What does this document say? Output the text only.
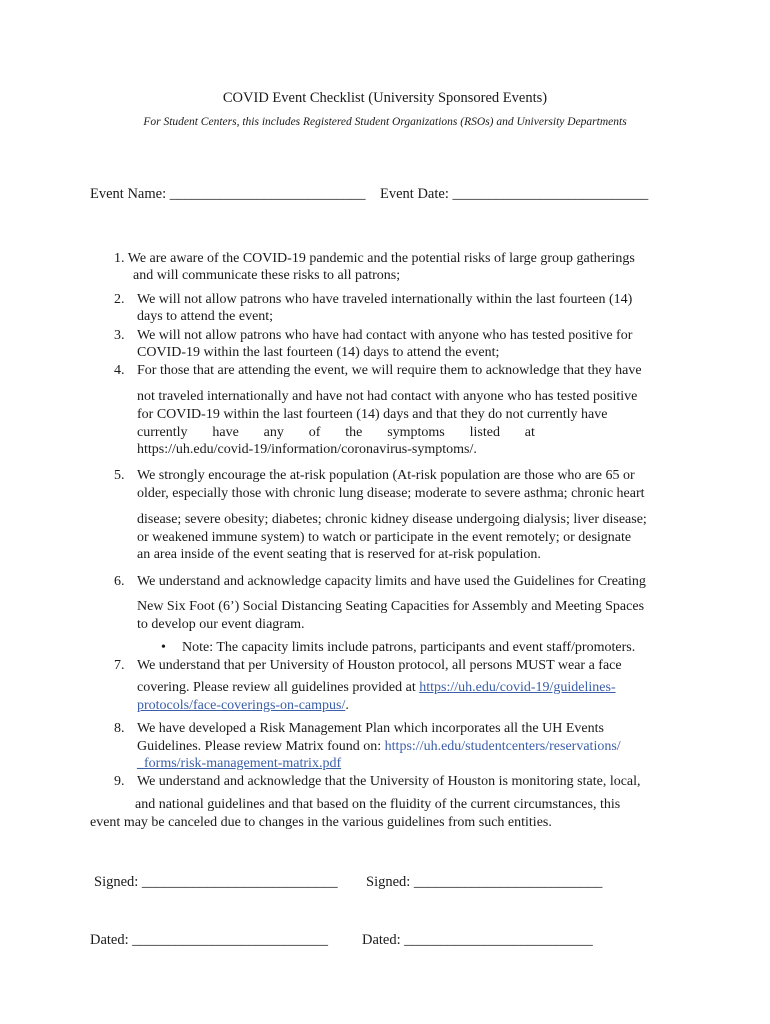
COVID Event Checklist (University Sponsored Events)
For Student Centers, this includes Registered Student Organizations (RSOs) and University Departments
Event Name: ___________________________ Event Date: ___________________________
1. We are aware of the COVID-19 pandemic and the potential risks of large group gatherings
and will communicate these risks to all patrons;
2. We will not allow patrons who have traveled internationally within the last fourteen (14)
days to attend the event;
3. We will not allow patrons who have had contact with anyone who has tested positive for
COVID-19 within the last fourteen (14) days to attend the event;
4. For those that are attending the event, we will require them to acknowledge that they have
not traveled internationally and have not had contact with anyone who has tested positive
for COVID-19 within the last fourteen (14) days and that they do not currently have
currently have any of the symptoms listed at
https://uh.edu/covid-19/information/coronavirus-symptoms/.
5. We strongly encourage the at-risk population (At-risk population are those who are 65 or
older, especially those with chronic lung disease; moderate to severe asthma; chronic heart
disease; severe obesity; diabetes; chronic kidney disease undergoing dialysis; liver disease;
or weakened immune system) to watch or participate in the event remotely; or designate
an area inside of the event seating that is reserved for at-risk population.
6. We understand and acknowledge capacity limits and have used the Guidelines for Creating
New Six Foot (6’) Social Distancing Seating Capacities for Assembly and Meeting Spaces
to develop our event diagram.
• Note: The capacity limits include patrons, participants and event staff/promoters.
7. We understand that per University of Houston protocol, all persons MUST wear a face
covering. Please review all guidelines provided at https://uh.edu/covid-19/guidelines-
protocols/face-coverings-on-campus/.
8. We have developed a Risk Management Plan which incorporates all the UH Events
Guidelines. Please review Matrix found on: https://uh.edu/studentcenters/reservations/
_forms/risk-management-matrix.pdf
9. We understand and acknowledge that the University of Houston is monitoring state, local,
and national guidelines and that based on the fluidity of the current circumstances, this
event may be canceled due to changes in the various guidelines from such entities.
Signed: ___________________________ Signed: __________________________
Dated: ___________________________ Dated: __________________________
